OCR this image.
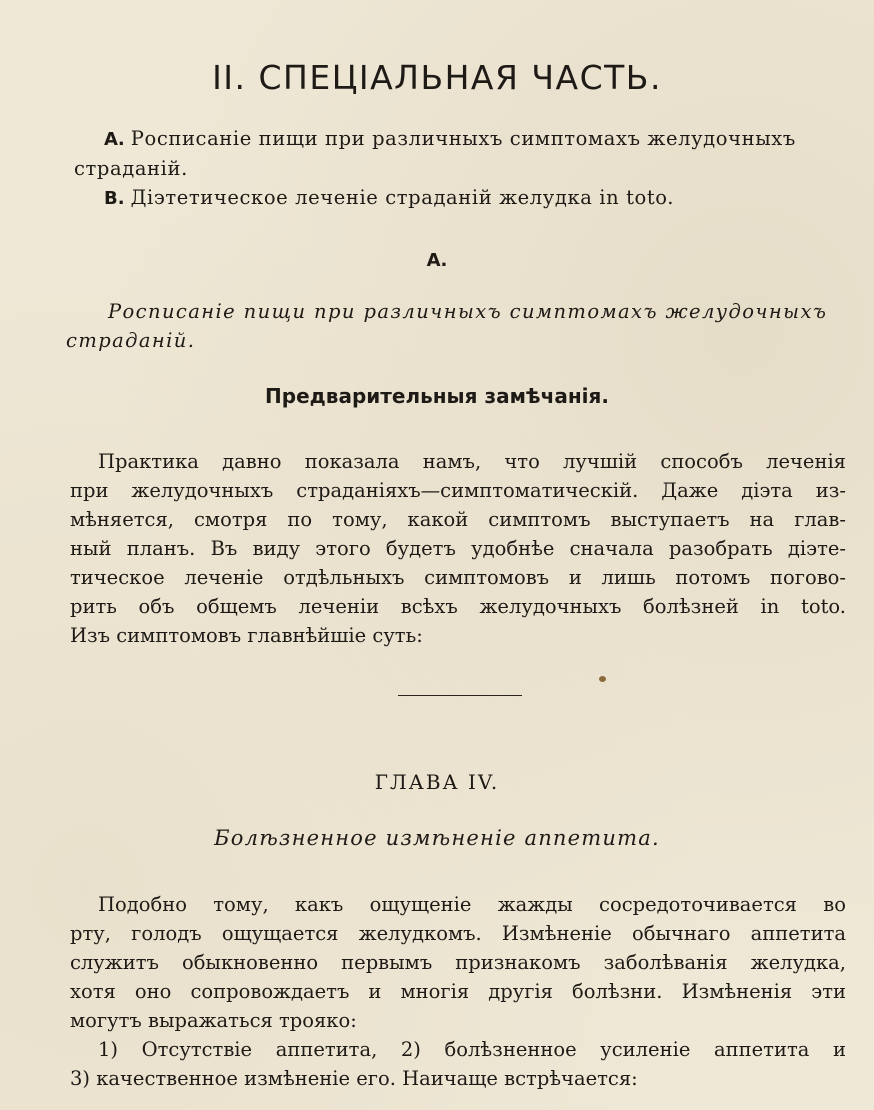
II. СПЕЦІАЛЬНАЯ ЧАСТЬ.

А. Росписаніе пищи при различныхъ симптомахъ желудочныхъ страданій.

B. Діэтетическое леченіе страданій желудка in toto.

А.

Росписаніе пищи при различныхъ симптомахъ желудочныхъ
страданій.

Предварительныя замѣчанія.

Практика давно показала намъ, что лучшій способъ леченія
при желудочныхъ страданіяхъ—симптоматическій. Даже діэта из-
мѣняется, смотря по тому, какой симптомъ выступаетъ на глав-
ный планъ. Въ виду этого будетъ удобнѣе сначала разобрать діэте-
тическое леченіе отдѣльныхъ симптомовъ и лишь потомъ погово-
рить объ общемъ леченіи всѣхъ желудочныхъ болѣзней in toto.
Изъ симптомовъ главнѣйшіе суть:

ГЛАВА IV.

Болѣзненное измѣненіе аппетита.

Подобно тому, какъ ощущеніе жажды сосредоточивается во
рту, голодъ ощущается желудкомъ. Измѣненіе обычнаго аппетита
служитъ обыкновенно первымъ признакомъ заболѣванія желудка,
хотя оно сопровождаетъ и многія другія болѣзни. Измѣненія эти
могутъ выражаться трояко:
1) Отсутствіе аппетита, 2) болѣзненное усиленіе аппетита и
3) качественное измѣненіе его. Наичаще встрѣчается:
